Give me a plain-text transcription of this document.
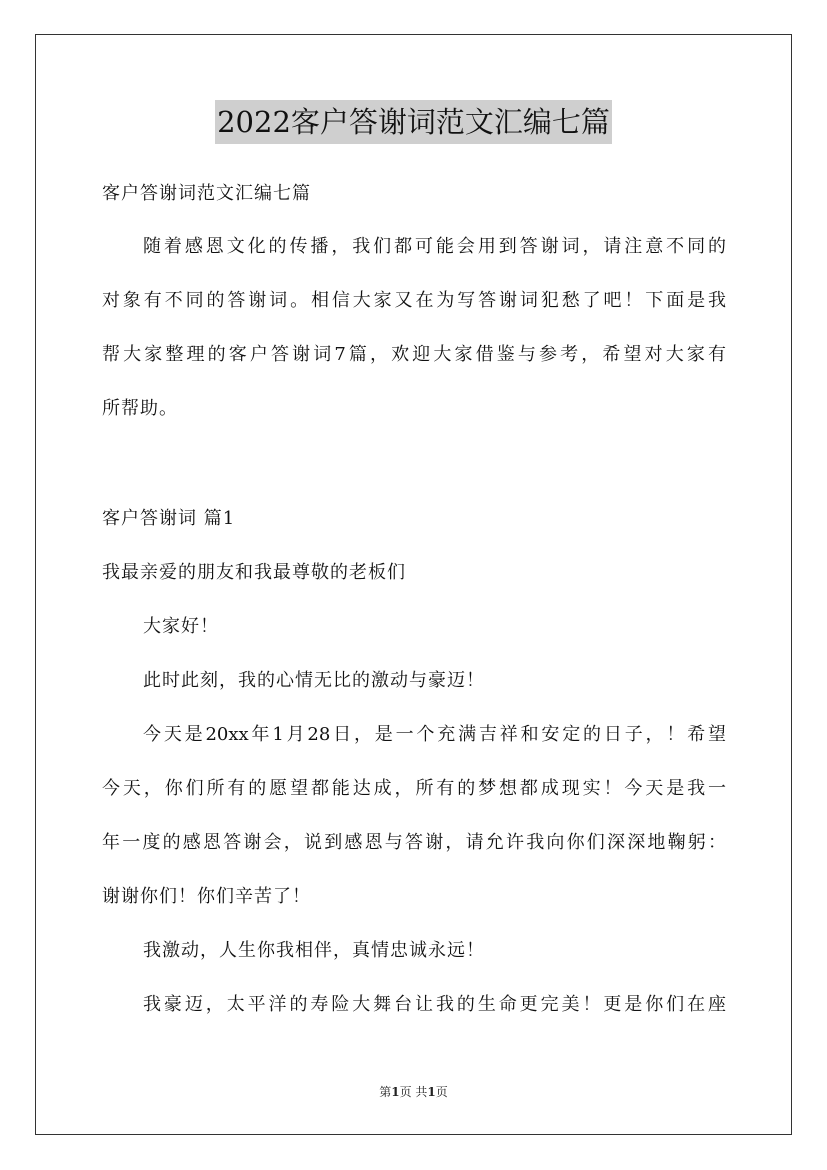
2022客户答谢词范文汇编七篇
客户答谢词范文汇编七篇
随着感恩文化的传播，我们都可能会用到答谢词，请注意不同的
对象有不同的答谢词。相信大家又在为写答谢词犯愁了吧！下面是我
帮大家整理的客户答谢词7篇，欢迎大家借鉴与参考，希望对大家有
所帮助。
客户答谢词 篇1
我最亲爱的朋友和我最尊敬的老板们
大家好！
此时此刻，我的心情无比的激动与豪迈！
今天是20xx年1月28日，是一个充满吉祥和安定的日子，！希望
今天，你们所有的愿望都能达成，所有的梦想都成现实！今天是我一
年一度的感恩答谢会，说到感恩与答谢，请允许我向你们深深地鞠躬：
谢谢你们！你们辛苦了！
我激动，人生你我相伴，真情忠诚永远！
我豪迈，太平洋的寿险大舞台让我的生命更完美！更是你们在座
第1页 共1页
